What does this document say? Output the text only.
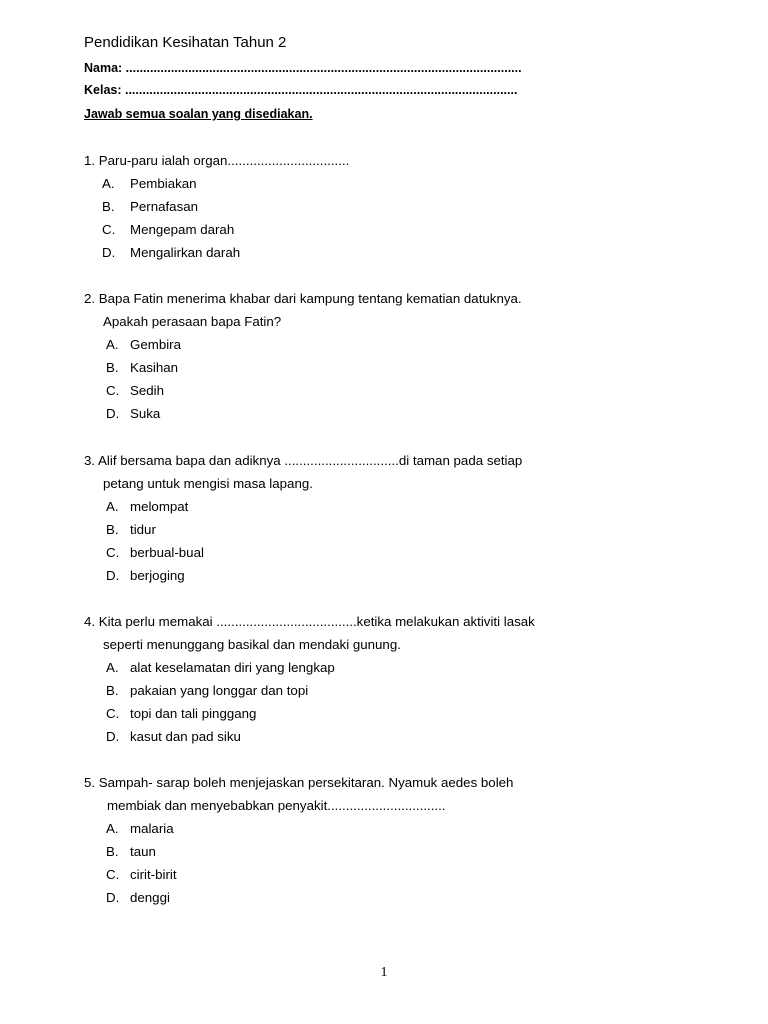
Pendidikan Kesihatan Tahun 2
Nama: ..................................................................................................................
Kelas: .................................................................................................................
Jawab semua soalan yang disediakan.
1. Paru-paru ialah organ.................................
A. Pembiakan
B. Pernafasan
C. Mengepam darah
D. Mengalirkan darah
2. Bapa Fatin menerima khabar dari kampung tentang kematian datuknya.
Apakah perasaan bapa Fatin?
A. Gembira
B. Kasihan
C. Sedih
D. Suka
3. Alif bersama bapa dan adiknya ...............................di taman pada setiap
petang untuk mengisi masa lapang.
A. melompat
B. tidur
C. berbual-bual
D. berjoging
4. Kita perlu memakai ......................................ketika melakukan aktiviti lasak
seperti menunggang basikal dan mendaki gunung.
A. alat keselamatan diri yang lengkap
B. pakaian yang longgar dan topi
C. topi dan tali pinggang
D. kasut dan pad siku
5. Sampah- sarap boleh menjejaskan persekitaran. Nyamuk aedes boleh
membiak dan menyebabkan penyakit................................
A. malaria
B. taun
C. cirit-birit
D. denggi
1
